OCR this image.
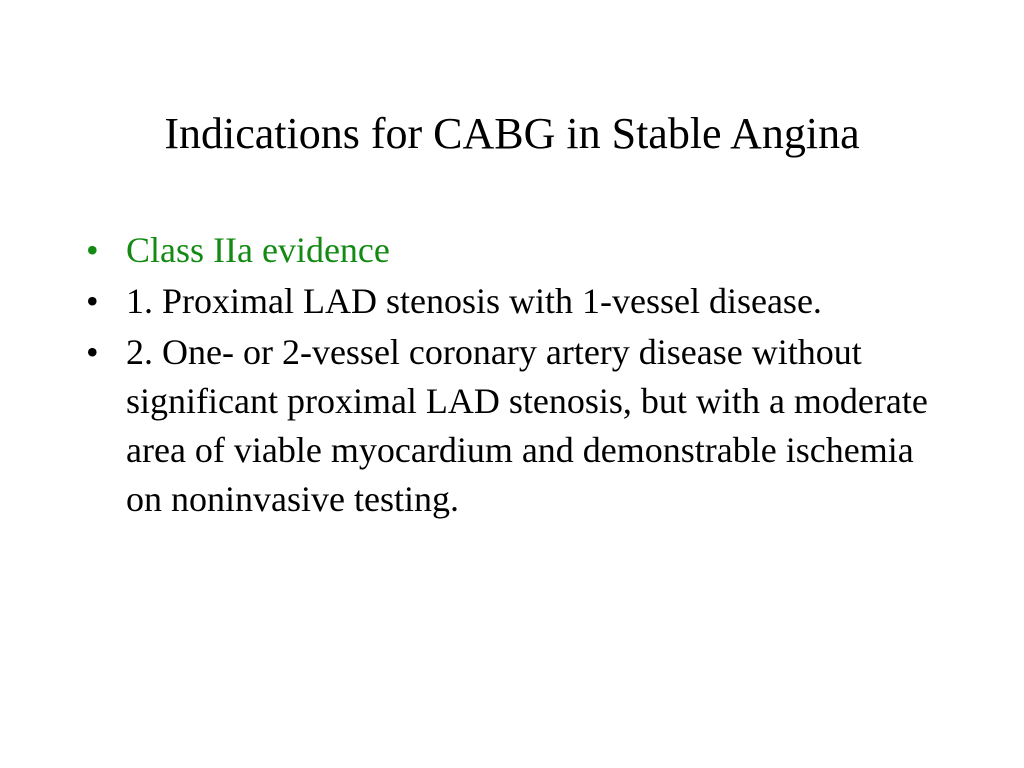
Indications for CABG in Stable Angina
• Class IIa evidence
• 1. Proximal LAD stenosis with 1-vessel disease.
• 2. One- or 2-vessel coronary artery disease without significant proximal LAD stenosis, but with a moderate area of viable myocardium and demonstrable ischemia on noninvasive testing.
